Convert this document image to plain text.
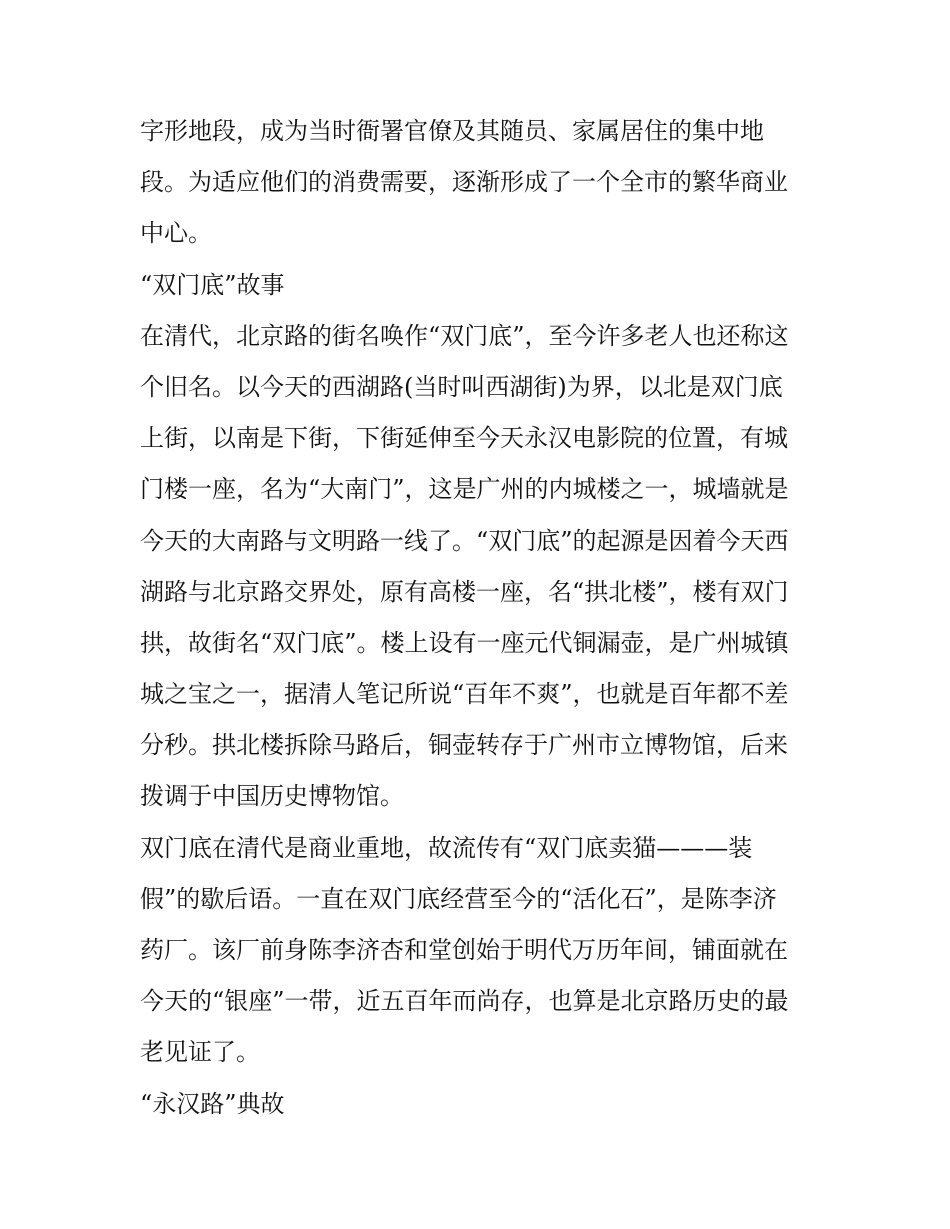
字形地段，成为当时衙署官僚及其随员、家属居住的集中地
段。为适应他们的消费需要，逐渐形成了一个全市的繁华商业
中心。
“双门底”故事
在清代，北京路的街名唤作“双门底”，至今许多老人也还称这
个旧名。以今天的西湖路(当时叫西湖街)为界，以北是双门底
上街，以南是下街，下街延伸至今天永汉电影院的位置，有城
门楼一座，名为“大南门”，这是广州的内城楼之一，城墙就是
今天的大南路与文明路一线了。“双门底”的起源是因着今天西
湖路与北京路交界处，原有高楼一座，名“拱北楼”，楼有双门
拱，故街名“双门底”。楼上设有一座元代铜漏壶，是广州城镇
城之宝之一，据清人笔记所说“百年不爽”，也就是百年都不差
分秒。拱北楼拆除马路后，铜壶转存于广州市立博物馆，后来
拨调于中国历史博物馆。
双门底在清代是商业重地，故流传有“双门底卖猫———装
假”的歇后语。一直在双门底经营至今的“活化石”，是陈李济
药厂。该厂前身陈李济杏和堂创始于明代万历年间，铺面就在
今天的“银座”一带，近五百年而尚存，也算是北京路历史的最
老见证了。
“永汉路”典故
